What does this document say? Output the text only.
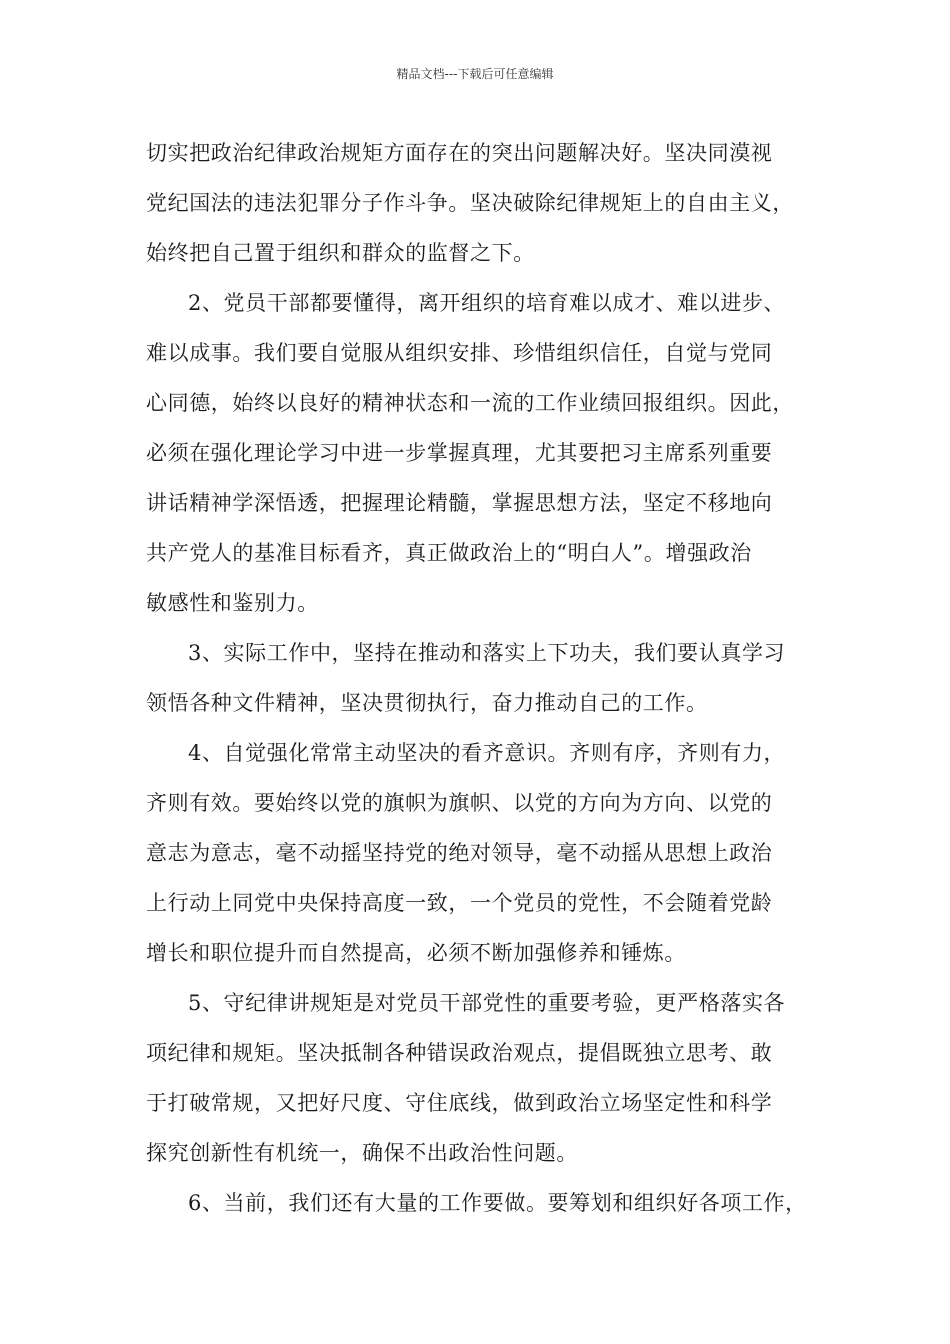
精品文档---下载后可任意编辑
切实把政治纪律政治规矩方面存在的突出问题解决好。坚决同漠视
党纪国法的违法犯罪分子作斗争。坚决破除纪律规矩上的自由主义，
始终把自己置于组织和群众的监督之下。
2、党员干部都要懂得，离开组织的培育难以成才、难以进步、
难以成事。我们要自觉服从组织安排、珍惜组织信任，自觉与党同
心同德，始终以良好的精神状态和一流的工作业绩回报组织。因此，
必须在强化理论学习中进一步掌握真理，尤其要把习主席系列重要
讲话精神学深悟透，把握理论精髓，掌握思想方法，坚定不移地向
共产党人的基准目标看齐，真正做政治上的“明白人”。增强政治
敏感性和鉴别力。
3、实际工作中，坚持在推动和落实上下功夫，我们要认真学习
领悟各种文件精神，坚决贯彻执行，奋力推动自己的工作。
4、自觉强化常常主动坚决的看齐意识。齐则有序，齐则有力，
齐则有效。要始终以党的旗帜为旗帜、以党的方向为方向、以党的
意志为意志，毫不动摇坚持党的绝对领导，毫不动摇从思想上政治
上行动上同党中央保持高度一致，一个党员的党性，不会随着党龄
增长和职位提升而自然提高，必须不断加强修养和锤炼。
5、守纪律讲规矩是对党员干部党性的重要考验，更严格落实各
项纪律和规矩。坚决抵制各种错误政治观点，提倡既独立思考、敢
于打破常规，又把好尺度、守住底线，做到政治立场坚定性和科学
探究创新性有机统一，确保不出政治性问题。
6、当前，我们还有大量的工作要做。要筹划和组织好各项工作，
